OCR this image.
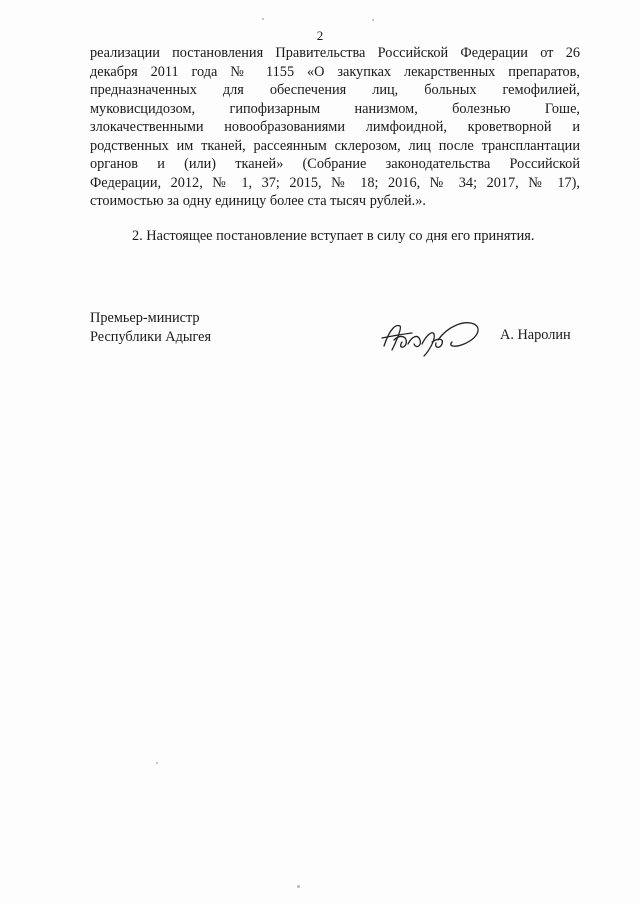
2
реализации постановления Правительства Российской Федерации от 26
декабря 2011 года № 1155 «О закупках лекарственных препаратов,
предназначенных для обеспечения лиц, больных гемофилией,
муковисцидозом, гипофизарным нанизмом, болезнью Гоше,
злокачественными новообразованиями лимфоидной, кроветворной и
родственных им тканей, рассеянным склерозом, лиц после трансплантации
органов и (или) тканей» (Собрание законодательства Российской
Федерации, 2012, № 1, 37; 2015, № 18; 2016, № 34; 2017, № 17),
стоимостью за одну единицу более ста тысяч рублей.».
2. Настоящее постановление вступает в силу со дня его принятия.
Премьер-министр
Республики Адыгея	А. Наролин
